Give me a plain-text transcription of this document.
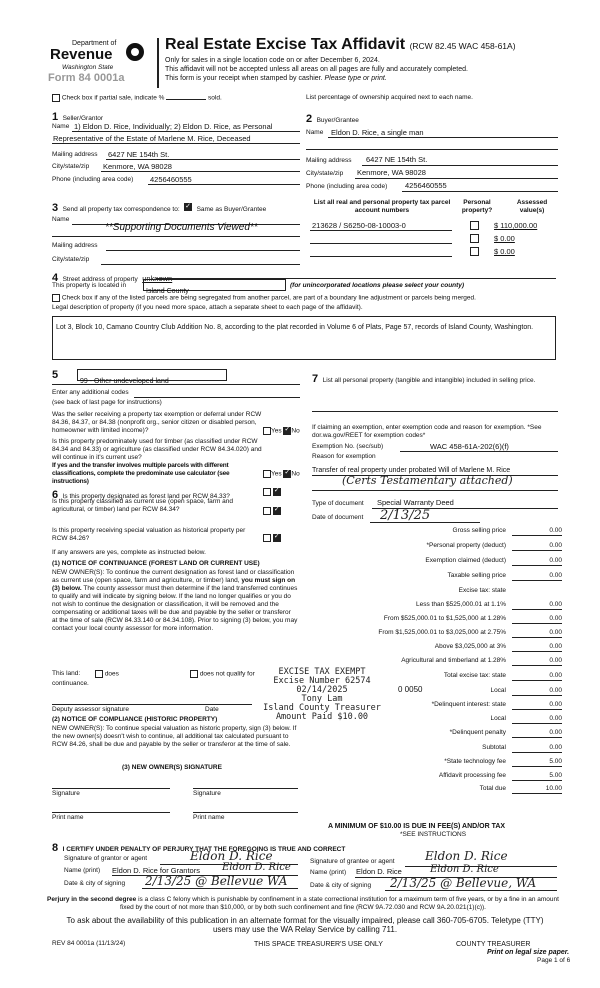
Department of
Revenue
Washington State
Form 84 0001a
Real Estate Excise Tax Affidavit (RCW 82.45 WAC 458-61A)
Only for sales in a single location code on or after December 6, 2024.
This affidavit will not be accepted unless all areas on all pages are fully and accurately completed.
This form is your receipt when stamped by cashier. Please type or print.
Check box if partial sale, indicate %	sold.	List percentage of ownership acquired next to each name.
1 Seller/Grantor
Name 1) Eldon D. Rice, Individually; 2) Eldon D. Rice, as Personal
Representative of the Estate of Marlene M. Rice, Deceased
Mailing address 6427 NE 154th St.
City/state/zip Kenmore, WA 98028
Phone (including area code) 4256460555
2 Buyer/Grantee
Name Eldon D. Rice, a single man
Mailing address 6427 NE 154th St.
City/state/zip Kenmore, WA 98028
Phone (including area code) 4256460555
3 Send all property tax correspondence to: ✓	Same as Buyer/Grantee
Name
**Supporting Documents Viewed**
Mailing address
City/state/zip
List all real and personal property tax parcel account numbers
Personal property?
Assessed value(s)
213628 / S6250-08-10003-0	$ 110,000.00
$ 0.00
$ 0.00
4 Street address of property unknown
This property is located in
Island County
(for unincorporated locations please select your county)
Check box if any of the listed parcels are being segregated from another parcel, are part of a boundary line adjustment or parcels being merged.
Legal description of property (if you need more space, attach a separate sheet to each page of the affidavit).
Lot 3, Block 10, Camano Country Club Addition No. 8, according to the plat recorded in Volume 6 of Plats, Page 57, records of Island County, Washington.
5
99 - Other undeveloped land
Enter any additional codes
(see back of last page for instructions)
Was the seller receiving a property tax exemption or deferral under RCW 84.36, 84.37, or 84.38 (nonprofit org., senior citizen or disabled person, homeowner with limited income)?	Yes ✓ No
Is this property predominately used for timber (as classified under RCW 84.34 and 84.33) or agriculture (as classified under RCW 84.34.020) and will continue in it's current use?
If yes and the transfer involves multiple parcels with different classifications, complete the predominate use calculator (see instructions)
Yes ✓ No
6 Is this property designated as forest land per RCW 84.33?
✓
Is this property classified as current use (open space, farm and agricultural, or timber) land per RCW 84.34?
✓
Is this property receiving special valuation as historical property per RCW 84.26?
✓
If any answers are yes, complete as instructed below.
(1) NOTICE OF CONTINUANCE (FOREST LAND OR CURRENT USE)
NEW OWNER(S): To continue the current designation as forest land or classification as current use (open space, farm and agriculture, or timber) land, you must sign on (3) below. The county assessor must then determine if the land transferred continues to qualify and will indicate by signing below. If the land no longer qualifies or you do not wish to continue the designation or classification, it will be removed and the compensating or additional taxes will be due and payable by the seller or transferor at the time of sale (RCW 84.33.140 or 84.34.108). Prior to signing (3) below, you may contact your local county assessor for more information.
This land:
continuance.
does	does not qualify for
Deputy assessor signature	Date
(2) NOTICE OF COMPLIANCE (HISTORIC PROPERTY)
NEW OWNER(S): To continue special valuation as historic property, sign (3) below. If the new owner(s) doesn't wish to continue, all additional tax calculated pursuant to RCW 84.26, shall be due and payable by the seller or transferor at the time of sale.
(3) NEW OWNER(S) SIGNATURE
Signature	Signature
Print name	Print name
EXCISE TAX EXEMPT
Excise Number 62574
02/14/2025
Tony Lam
Island County Treasurer
Amount Paid $10.00
7 List all personal property (tangible and intangible) included in selling price.
If claiming an exemption, enter exemption code and reason for exemption. *See dor.wa.gov/REET for exemption codes*
Exemption No. (sec/sub)	WAC 458-61A-202(6)(f)
Reason for exemption
Transfer of real property under probated Will of Marlene M. Rice
(Certs Testamentary attached)
Type of document Special Warranty Deed
Date of document 2/13/25
Gross selling price	0.00
*Personal property (deduct)	0.00
Exemption claimed (deduct)	0.00
Taxable selling price	0.00
Excise tax: state
Less than $525,000.01 at 1.1%	0.00
From $525,000.01 to $1,525,000 at 1.28%	0.00
From $1,525,000.01 to $3,025,000 at 2.75%	0.00
Above $3,025,000 at 3%	0.00
Agricultural and timberland at 1.28%	0.00
Total excise tax: state	0.00
Local	0.00
*Delinquent interest: state	0.00
Local	0.00
*Delinquent penalty	0.00
Subtotal	0.00
*State technology fee	5.00
Affidavit processing fee	5.00
Total due	10.00
0 0050
A MINIMUM OF $10.00 IS DUE IN FEE(S) AND/OR TAX
*SEE INSTRUCTIONS
8 I CERTIFY UNDER PENALTY OF PERJURY THAT THE FOREGOING IS TRUE AND CORRECT
Signature of grantor or agent	Eldon D. Rice
Name (print) Eldon D. Rice for Grantors Eldon D. Rice
Date & city of signing 2/13/25 @ Bellevue WA
Signature of grantee or agent	Eldon D. Rice
Name (print) Eldon D. Rice	Eldon D. Rice
Date & city of signing 2/13/25 @ Bellevue, WA
Perjury in the second degree is a class C felony which is punishable by confinement in a state correctional institution for a maximum term of five years, or by a fine in an amount fixed by the court of not more than $10,000, or by both such confinement and fine (RCW 9A.72.030 and RCW 9A.20.021(1)(c)).
To ask about the availability of this publication in an alternate format for the visually impaired, please call 360-705-6705. Teletype (TTY) users may use the WA Relay Service by calling 711.
REV 84 0001a (11/13/24)	THIS SPACE TREASURER'S USE ONLY	COUNTY TREASURER
Print on legal size paper.
Page 1 of 6
